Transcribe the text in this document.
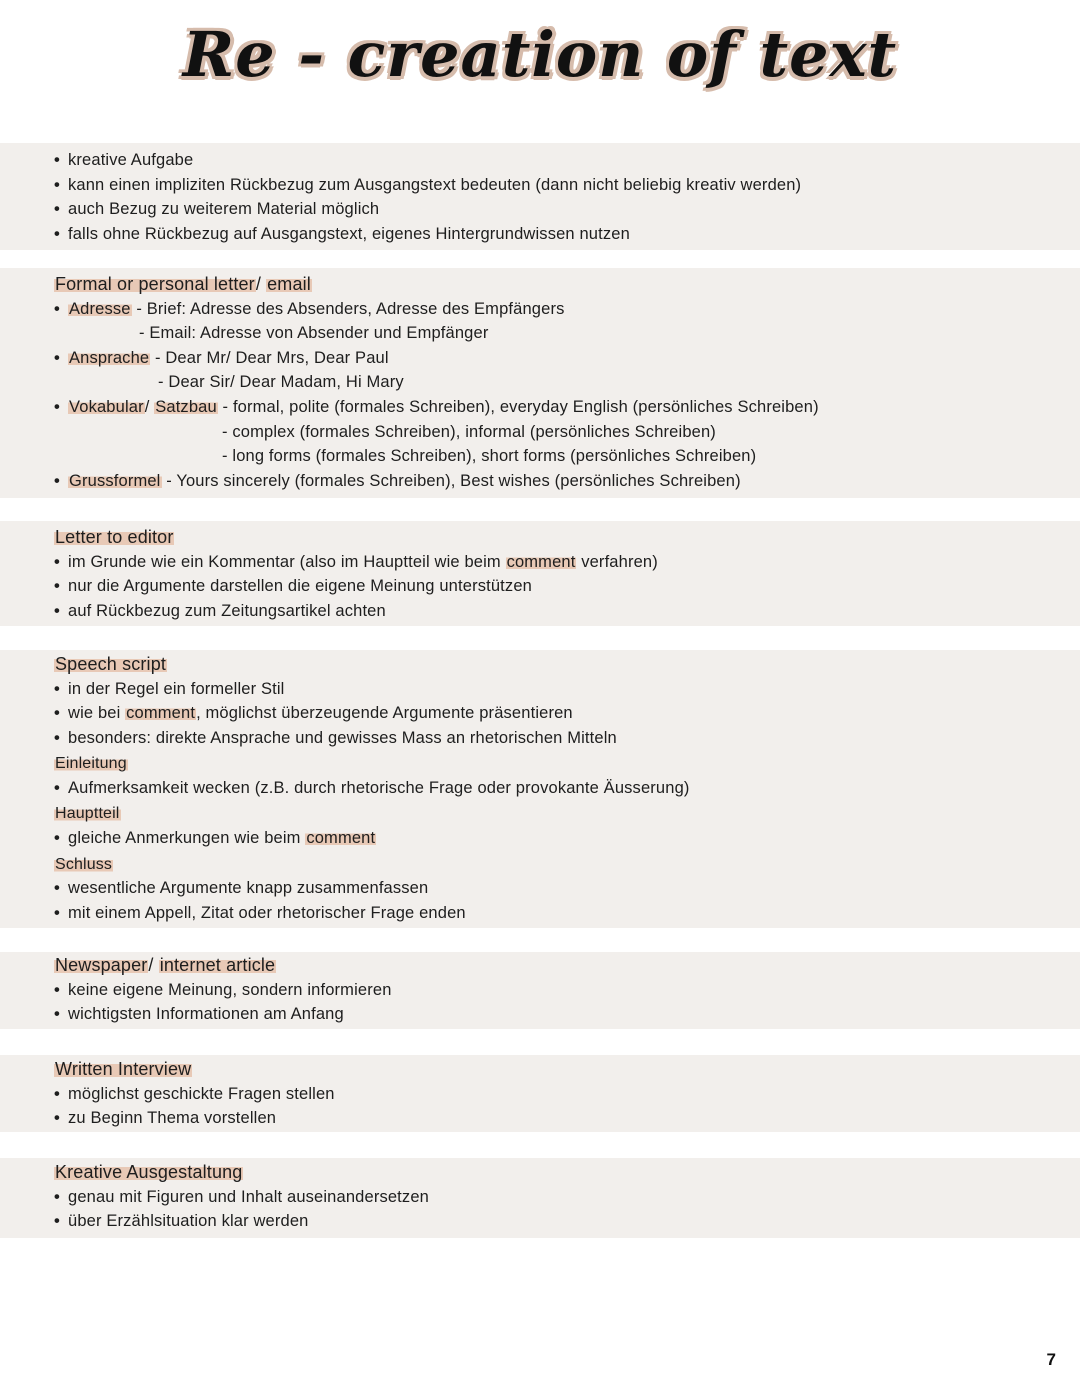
Re - creation of text
• kreative Aufgabe
• kann einen impliziten Rückbezug zum Ausgangstext bedeuten (dann nicht beliebig kreativ werden)
• auch Bezug zu weiterem Material möglich
• falls ohne Rückbezug auf Ausgangstext, eigenes Hintergrundwissen nutzen
Formal or personal letter/ email
• Adresse - Brief: Adresse des Absenders, Adresse des Empfängers
- Email: Adresse von Absender und Empfänger
• Ansprache - Dear Mr/ Dear Mrs, Dear Paul
- Dear Sir/ Dear Madam, Hi Mary
• Vokabular/ Satzbau - formal, polite (formales Schreiben), everyday English (persönliches Schreiben)
- complex (formales Schreiben), informal (persönliches Schreiben)
- long forms (formales Schreiben), short forms (persönliches Schreiben)
• Grussformel - Yours sincerely (formales Schreiben), Best wishes (persönliches Schreiben)
Letter to editor
• im Grunde wie ein Kommentar (also im Hauptteil wie beim comment verfahren)
• nur die Argumente darstellen die eigene Meinung unterstützen
• auf Rückbezug zum Zeitungsartikel achten
Speech script
• in der Regel ein formeller Stil
• wie bei comment, möglichst überzeugende Argumente präsentieren
• besonders: direkte Ansprache und gewisses Mass an rhetorischen Mitteln
Einleitung
• Aufmerksamkeit wecken (z.B. durch rhetorische Frage oder provokante Äusserung)
Hauptteil
• gleiche Anmerkungen wie beim comment
Schluss
• wesentliche Argumente knapp zusammenfassen
• mit einem Appell, Zitat oder rhetorischer Frage enden
Newspaper/ internet article
• keine eigene Meinung, sondern informieren
• wichtigsten Informationen am Anfang
Written Interview
• möglichst geschickte Fragen stellen
• zu Beginn Thema vorstellen
Kreative Ausgestaltung
• genau mit Figuren und Inhalt auseinandersetzen
• über Erzählsituation klar werden
7
